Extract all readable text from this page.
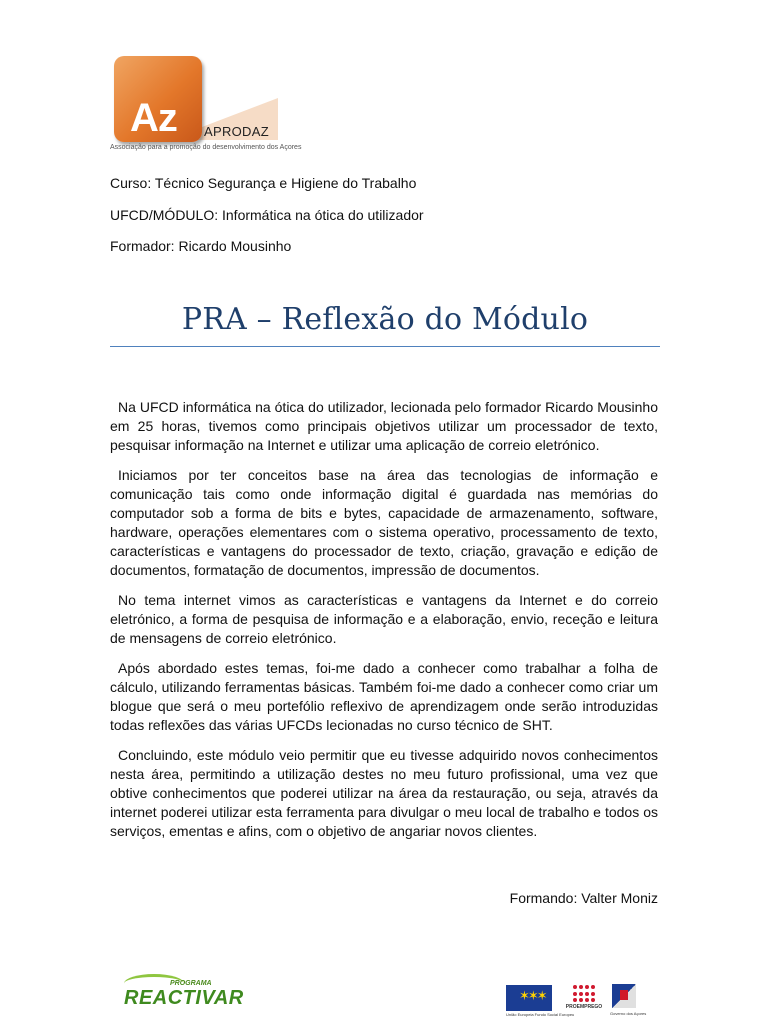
Az APRODAZ
Associação para a promoção do desenvolvimento dos Açores
Curso: Técnico Segurança e Higiene do Trabalho
UFCD/MÓDULO: Informática na ótica do utilizador
Formador: Ricardo Mousinho
PRA – Reflexão do Módulo

Na UFCD informática na ótica do utilizador, lecionada pelo formador Ricardo Mousinho em 25 horas, tivemos como principais objetivos utilizar um processador de texto, pesquisar informação na Internet e utilizar uma aplicação de correio eletrónico.

Iniciamos por ter conceitos base na área das tecnologias de informação e comunicação tais como onde informação digital é guardada nas memórias do computador sob a forma de bits e bytes, capacidade de armazenamento, software, hardware, operações elementares com o sistema operativo, processamento de texto, características e vantagens do processador de texto, criação, gravação e edição de documentos, formatação de documentos, impressão de documentos.

No tema internet vimos as características e vantagens da Internet e do correio eletrónico, a forma de pesquisa de informação e a elaboração, envio, receção e leitura de mensagens de correio eletrónico.

Após abordado estes temas, foi-me dado a conhecer como trabalhar a folha de cálculo, utilizando ferramentas básicas. Também foi-me dado a conhecer como criar um blogue que será o meu portefólio reflexivo de aprendizagem onde serão introduzidas todas reflexões das várias UFCDs lecionadas no curso técnico de SHT.

Concluindo, este módulo veio permitir que eu tivesse adquirido novos conhecimentos nesta área, permitindo a utilização destes no meu futuro profissional, uma vez que obtive conhecimentos que poderei utilizar na área da restauração, ou seja, através da internet poderei utilizar esta ferramenta para divulgar o meu local de trabalho e todos os serviços, ementas e afins, com o objetivo de angariar novos clientes.

Formando: Valter Moniz
PROGRAMA
REACTIVAR	✶✶✶
União Europeia Fundo Social Europeu
PROEMPREGO
Governo dos Açores
